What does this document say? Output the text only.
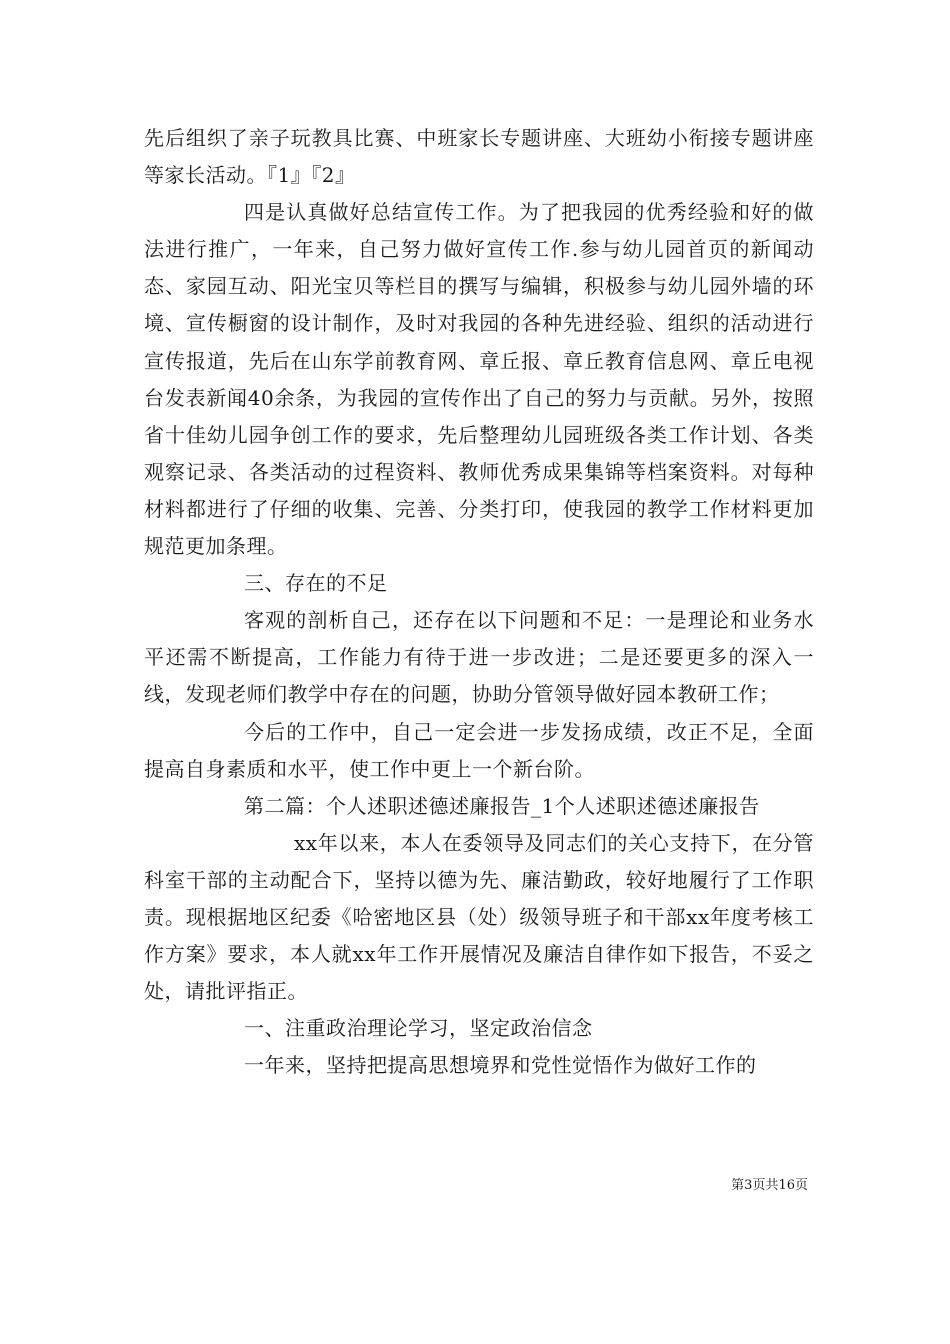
先后组织了亲子玩教具比赛、中班家长专题讲座、大班幼小衔接专题讲座等家长活动。『1』『2』

四是认真做好总结宣传工作。为了把我园的优秀经验和好的做法进行推广，一年来，自己努力做好宣传工作.参与幼儿园首页的新闻动态、家园互动、阳光宝贝等栏目的撰写与编辑，积极参与幼儿园外墙的环境、宣传橱窗的设计制作，及时对我园的各种先进经验、组织的活动进行宣传报道，先后在山东学前教育网、章丘报、章丘教育信息网、章丘电视台发表新闻40余条，为我园的宣传作出了自己的努力与贡献。另外，按照省十佳幼儿园争创工作的要求，先后整理幼儿园班级各类工作计划、各类观察记录、各类活动的过程资料、教师优秀成果集锦等档案资料。对每种材料都进行了仔细的收集、完善、分类打印，使我园的教学工作材料更加规范更加条理。

三、存在的不足

客观的剖析自己，还存在以下问题和不足：一是理论和业务水平还需不断提高，工作能力有待于进一步改进；二是还要更多的深入一线，发现老师们教学中存在的问题，协助分管领导做好园本教研工作；

今后的工作中，自己一定会进一步发扬成绩，改正不足，全面提高自身素质和水平，使工作中更上一个新台阶。

第二篇：个人述职述德述廉报告_1个人述职述德述廉报告

xx年以来，本人在委领导及同志们的关心支持下，在分管科室干部的主动配合下，坚持以德为先、廉洁勤政，较好地履行了工作职责。现根据地区纪委《哈密地区县（处）级领导班子和干部xx年度考核工作方案》要求，本人就xx年工作开展情况及廉洁自律作如下报告，不妥之处，请批评指正。

一、注重政治理论学习，坚定政治信念

一年来，坚持把提高思想境界和党性觉悟作为做好工作的

第3页共16页
